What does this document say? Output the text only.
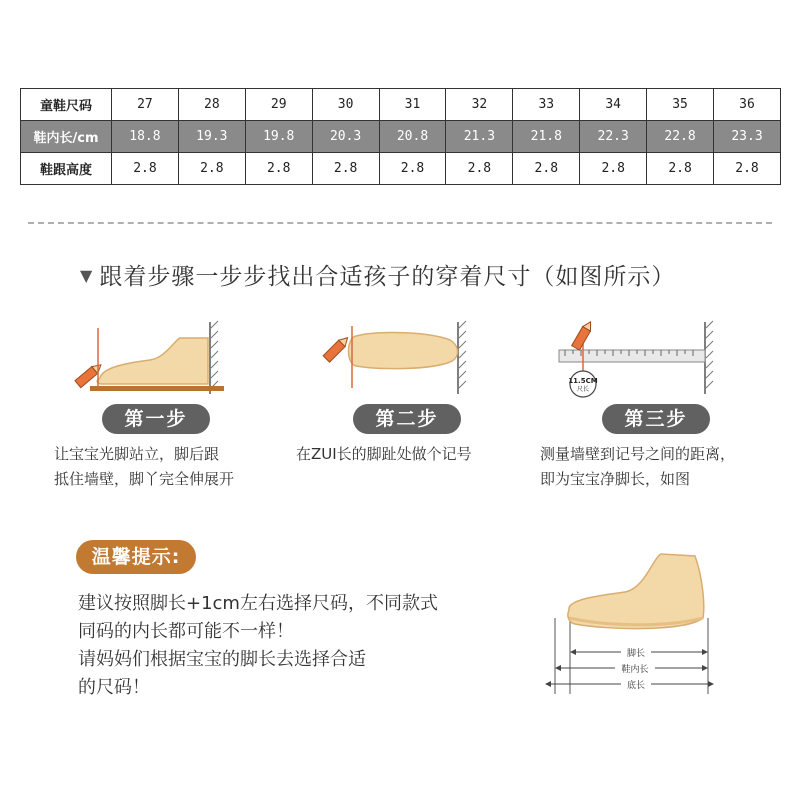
童鞋尺码	27	28	29	30	31	32	33	34	35	36
鞋内长/cm	18.8	19.3	19.8	20.3	20.8	21.3	21.8	22.3	22.8	23.3
鞋跟高度	2.8	2.8	2.8	2.8	2.8	2.8	2.8	2.8	2.8	2.8
▼ 跟着步骤一步步找出合适孩子的穿着尺寸（如图所示）
11.5CM
尺长
第一步	第二步	第三步
让宝宝光脚站立，脚后跟
抵住墙壁，脚丫完全伸展开
在ZUI长的脚趾处做个记号	测量墙壁到记号之间的距离，
即为宝宝净脚长，如图
温馨提示:
建议按照脚长+1cm左右选择尺码，不同款式
同码的内长都可能不一样！
请妈妈们根据宝宝的脚长去选择合适
的尺码！
脚长
鞋内长
底长
